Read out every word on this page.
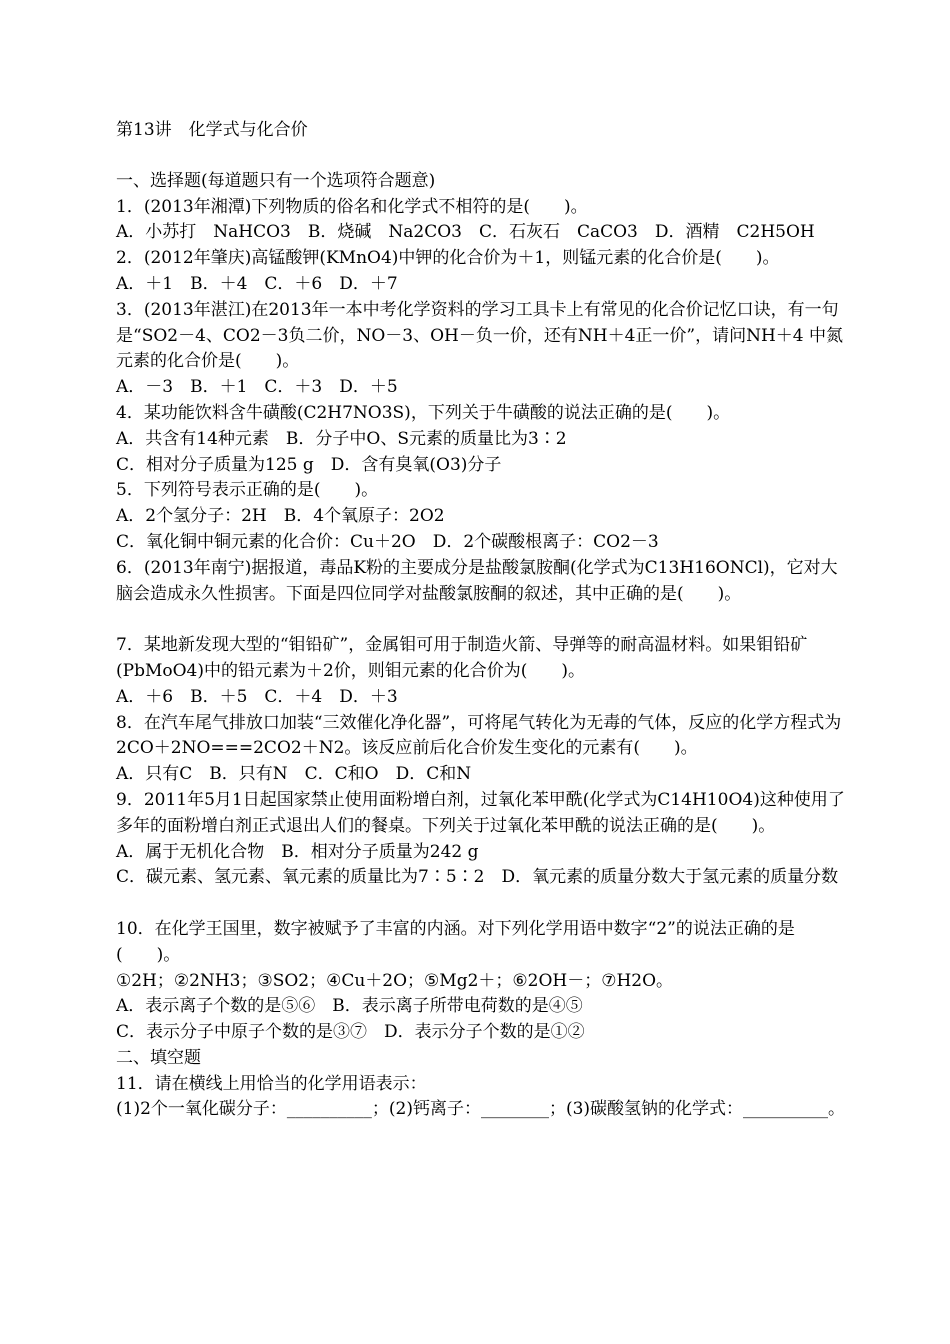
第13讲　化学式与化合价
一、选择题(每道题只有一个选项符合题意)
1．(2013年湘潭)下列物质的俗名和化学式不相符的是(　　)。
A．小苏打　NaHCO3　B．烧碱　Na2CO3　C．石灰石　CaCO3　D．酒精　C2H5OH
2．(2012年肇庆)高锰酸钾(KMnO4)中钾的化合价为＋1，则锰元素的化合价是(　　)。
A．＋1　B．＋4　C．＋6　D．＋7
3．(2013年湛江)在2013年一本中考化学资料的学习工具卡上有常见的化合价记忆口诀，有一句是“SO2－4、CO2－3负二价，NO－3、OH－负一价，还有NH＋4正一价”，请问NH＋4 中氮元素的化合价是(　　)。
A．－3　B．＋1　C．＋3　D．＋5
4．某功能饮料含牛磺酸(C2H7NO3S)，下列关于牛磺酸的说法正确的是(　　)。
A．共含有14种元素　B．分子中O、S元素的质量比为3∶2
C．相对分子质量为125 g　D．含有臭氧(O3)分子
5．下列符号表示正确的是(　　)。
A．2个氢分子：2H　B．4个氧原子：2O2
C．氧化铜中铜元素的化合价：Cu＋2O　D．2个碳酸根离子：CO2－3
6．(2013年南宁)据报道，毒品K粉的主要成分是盐酸氯胺酮(化学式为C13H16ONCl)，它对大脑会造成永久性损害。下面是四位同学对盐酸氯胺酮的叙述，其中正确的是(　　)。
7．某地新发现大型的“钼铅矿”，金属钼可用于制造火箭、导弹等的耐高温材料。如果钼铅矿(PbMoO4)中的铅元素为＋2价，则钼元素的化合价为(　　)。
A．＋6　B．＋5　C．＋4　D．＋3
8．在汽车尾气排放口加装“三效催化净化器”，可将尾气转化为无毒的气体，反应的化学方程式为2CO＋2NO===2CO2＋N2。该反应前后化合价发生变化的元素有(　　)。
A．只有C　B．只有N　C．C和O　D．C和N
9．2011年5月1日起国家禁止使用面粉增白剂，过氧化苯甲酰(化学式为C14H10O4)这种使用了多年的面粉增白剂正式退出人们的餐桌。下列关于过氧化苯甲酰的说法正确的是(　　)。
A．属于无机化合物　B．相对分子质量为242 g
C．碳元素、氢元素、氧元素的质量比为7∶5∶2　D．氧元素的质量分数大于氢元素的质量分数
10．在化学王国里，数字被赋予了丰富的内涵。对下列化学用语中数字“2”的说法正确的是(　　)。
①2H；②2NH3；③SO2；④Cu＋2O；⑤Mg2＋；⑥2OH－；⑦H2O。
A．表示离子个数的是⑤⑥　B．表示离子所带电荷数的是④⑤
C．表示分子中原子个数的是③⑦　D．表示分子个数的是①②
二、填空题
11．请在横线上用恰当的化学用语表示：
(1)2个一氧化碳分子：__________；(2)钙离子：________；(3)碳酸氢钠的化学式：__________。
